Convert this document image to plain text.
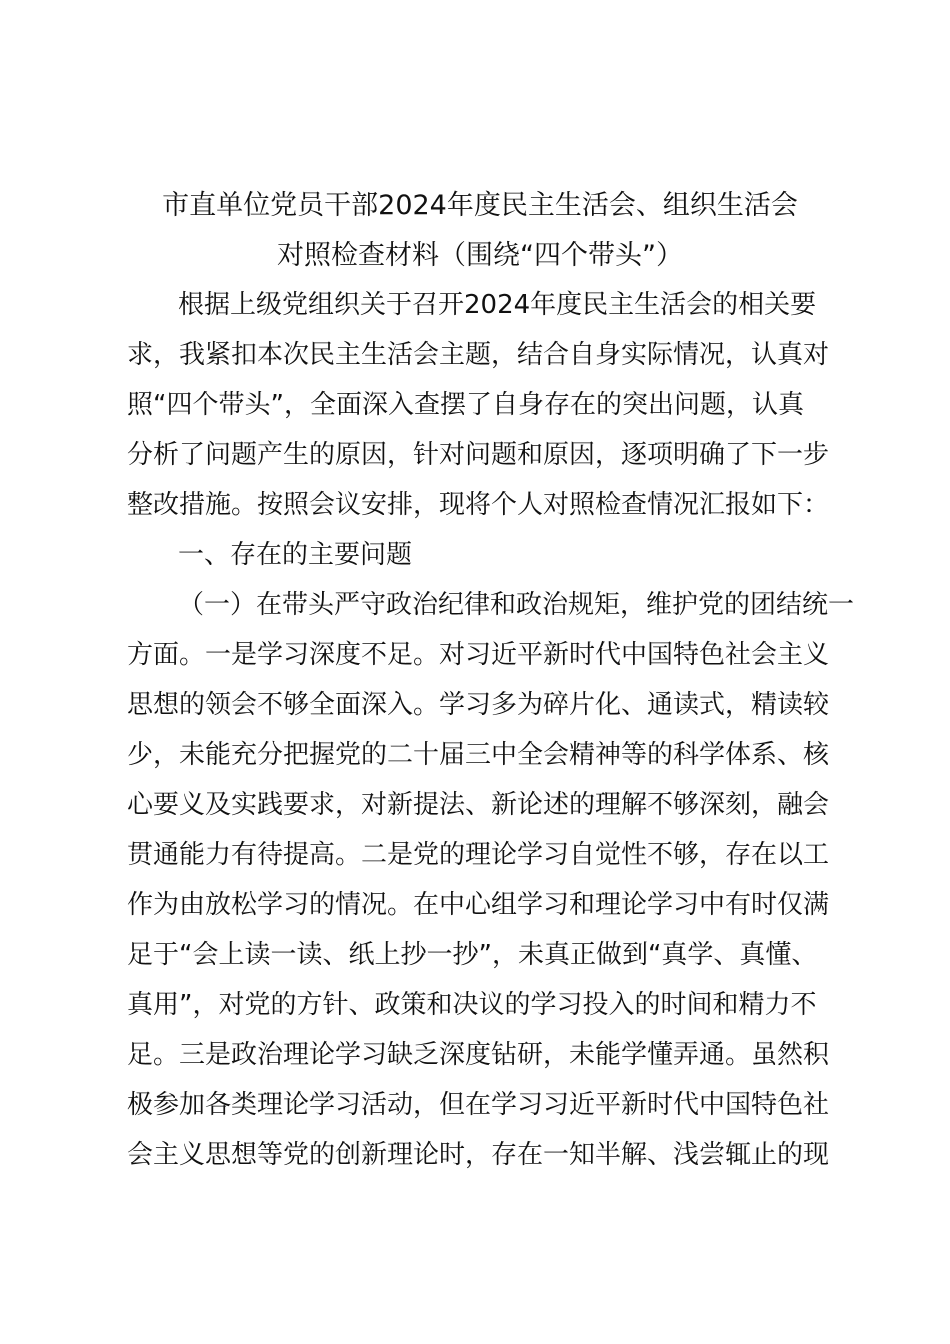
市直单位党员干部2024年度民主生活会、组织生活会
对照检查材料（围绕“四个带头”）

根据上级党组织关于召开2024年度民主生活会的相关要

求，我紧扣本次民主生活会主题，结合自身实际情况，认真对

照“四个带头”，全面深入查摆了自身存在的突出问题，认真

分析了问题产生的原因，针对问题和原因，逐项明确了下一步

整改措施。按照会议安排，现将个人对照检查情况汇报如下：

一、存在的主要问题

（一）在带头严守政治纪律和政治规矩，维护党的团结统一

方面。一是学习深度不足。对习近平新时代中国特色社会主义

思想的领会不够全面深入。学习多为碎片化、通读式，精读较

少，未能充分把握党的二十届三中全会精神等的科学体系、核

心要义及实践要求，对新提法、新论述的理解不够深刻，融会

贯通能力有待提高。二是党的理论学习自觉性不够，存在以工

作为由放松学习的情况。在中心组学习和理论学习中有时仅满

足于“会上读一读、纸上抄一抄”，未真正做到“真学、真懂、

真用”，对党的方针、政策和决议的学习投入的时间和精力不

足。三是政治理论学习缺乏深度钻研，未能学懂弄通。虽然积

极参加各类理论学习活动，但在学习习近平新时代中国特色社

会主义思想等党的创新理论时，存在一知半解、浅尝辄止的现
